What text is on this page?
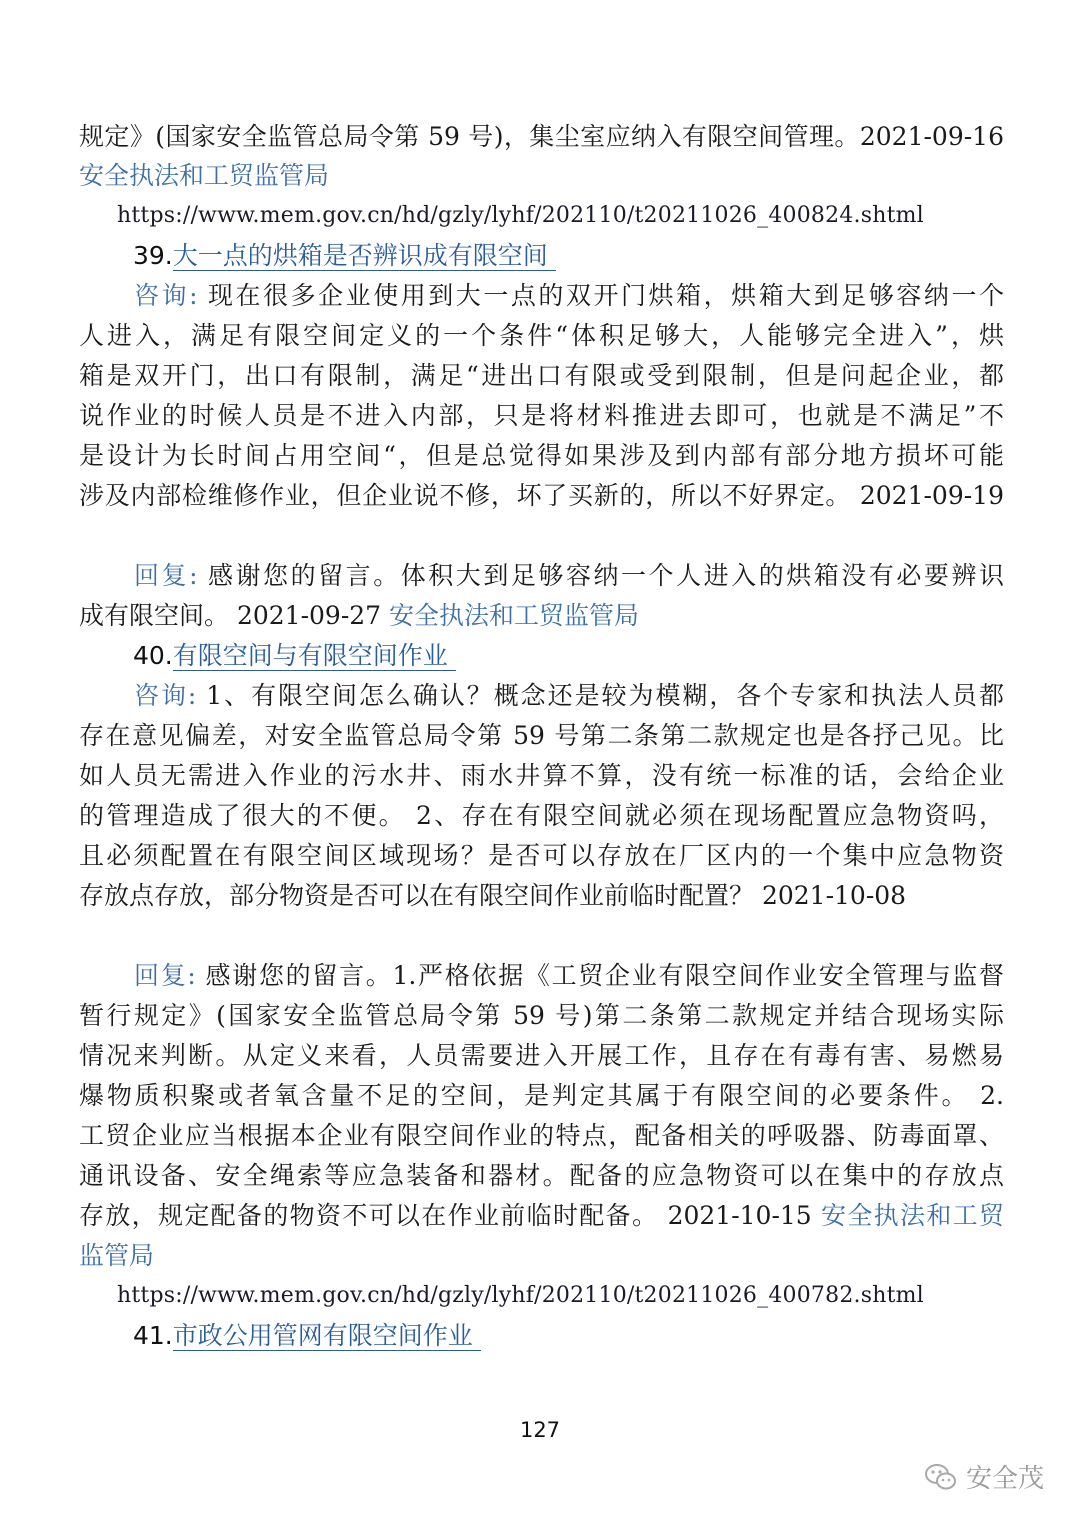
规定》(国家安全监管总局令第 59 号)，集尘室应纳入有限空间管理。2021-09-16
安全执法和工贸监管局
https://www.mem.gov.cn/hd/gzly/lyhf/202110/t20211026_400824.shtml
39.大一点的烘箱是否辨识成有限空间
咨询: 现在很多企业使用到大一点的双开门烘箱，烘箱大到足够容纳一个
人进入，满足有限空间定义的一个条件“体积足够大，人能够完全进入”，烘
箱是双开门，出口有限制，满足“进出口有限或受到限制，但是问起企业，都
说作业的时候人员是不进入内部，只是将材料推进去即可，也就是不满足”不
是设计为长时间占用空间“，但是总觉得如果涉及到内部有部分地方损坏可能
涉及内部检维修作业，但企业说不修，坏了买新的，所以不好界定。 2021-09-19
回复: 感谢您的留言。体积大到足够容纳一个人进入的烘箱没有必要辨识
成有限空间。 2021-09-27 安全执法和工贸监管局
40.有限空间与有限空间作业
咨询: 1、有限空间怎么确认？概念还是较为模糊，各个专家和执法人员都
存在意见偏差，对安全监管总局令第 59 号第二条第二款规定也是各抒己见。比
如人员无需进入作业的污水井、雨水井算不算，没有统一标准的话，会给企业
的管理造成了很大的不便。 2、存在有限空间就必须在现场配置应急物资吗，
且必须配置在有限空间区域现场？是否可以存放在厂区内的一个集中应急物资
存放点存放，部分物资是否可以在有限空间作业前临时配置？ 2021-10-08
回复: 感谢您的留言。1.严格依据《工贸企业有限空间作业安全管理与监督
暂行规定》(国家安全监管总局令第 59 号)第二条第二款规定并结合现场实际
情况来判断。从定义来看，人员需要进入开展工作，且存在有毒有害、易燃易
爆物质积聚或者氧含量不足的空间，是判定其属于有限空间的必要条件。 2.
工贸企业应当根据本企业有限空间作业的特点，配备相关的呼吸器、防毒面罩、
通讯设备、安全绳索等应急装备和器材。配备的应急物资可以在集中的存放点
存放，规定配备的物资不可以在作业前临时配备。 2021-10-15 安全执法和工贸
监管局
https://www.mem.gov.cn/hd/gzly/lyhf/202110/t20211026_400782.shtml
41.市政公用管网有限空间作业
127
安全茂
